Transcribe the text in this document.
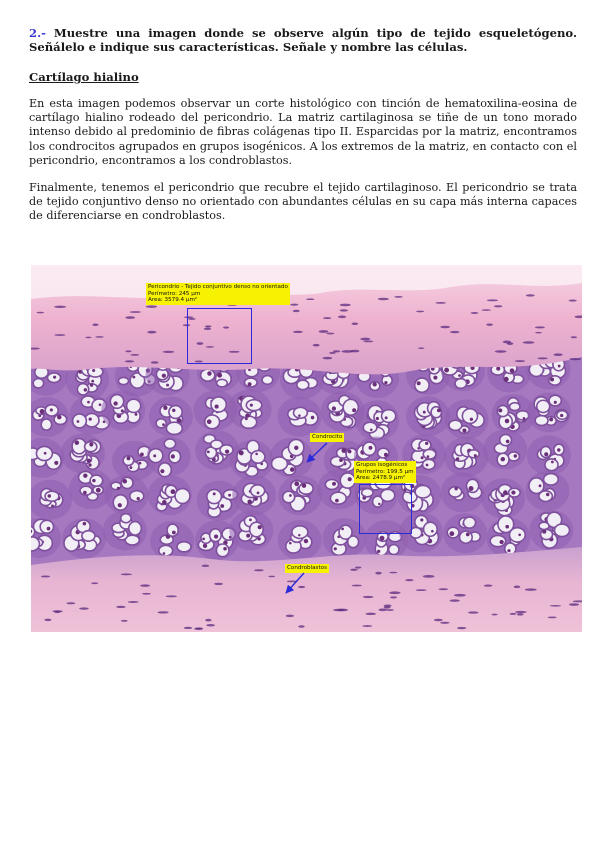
2.- Muestre una imagen donde se observe algún tipo de tejido esqueletógeno. Señálelo e indique sus características. Señale y nombre las células.
Cartílago hialino
En esta imagen podemos observar un corte histológico con tinción de hematoxilina-eosina de cartílago hialino rodeado del pericondrio. La matriz cartilaginosa se tiñe de un tono morado intenso debido al predominio de fibras colágenas tipo II. Esparcidas por la matriz, encontramos los condrocitos agrupados en grupos isogénicos. A los extremos de la matriz, en contacto con el pericondrio, encontramos a los condroblastos.
Finalmente, tenemos el pericondrio que recubre el tejido cartilaginoso. El pericondrio se trata de tejido conjuntivo denso no orientado con abundantes células en su capa más interna capaces de diferenciarse en condroblastos.
Pericondrio - Tejido conjuntivo denso no orientado
Perímetro: 245 μm
Area: 3579.4 μm²
Condrocito
Grupos isogénicos
Perímetro: 199.5 μm
Area: 2478.9 μm²
Condroblastos
